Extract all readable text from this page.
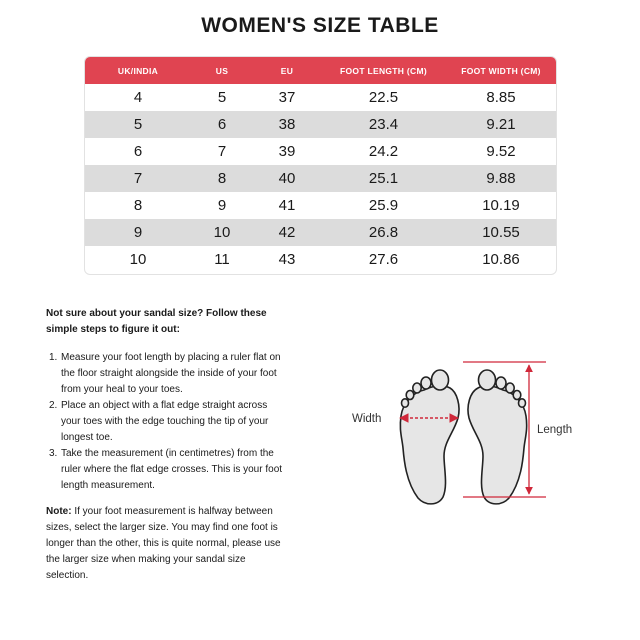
WOMEN'S SIZE TABLE
UK/INDIA	US	EU	FOOT LENGTH (CM)	FOOT WIDTH (CM)
4	5	37	22.5	8.85
5	6	38	23.4	9.21
6	7	39	24.2	9.52
7	8	40	25.1	9.88
8	9	41	25.9	10.19
9	10	42	26.8	10.55
10	11	43	27.6	10.86
Not sure about your sandal size? Follow these simple steps to figure it out:
1. Measure your foot length by placing a ruler flat on the floor straight alongside the inside of your foot from your heal to your toes.
2. Place an object with a flat edge straight across your toes with the edge touching the tip of your longest toe.
3. Take the measurement (in centimetres) from the ruler where the flat edge crosses. This is your foot length measurement.
Note: If your foot measurement is halfway between sizes, select the larger size. You may find one foot is longer than the other, this is quite normal, please use the larger size when making your sandal size selection.
Width
Length
